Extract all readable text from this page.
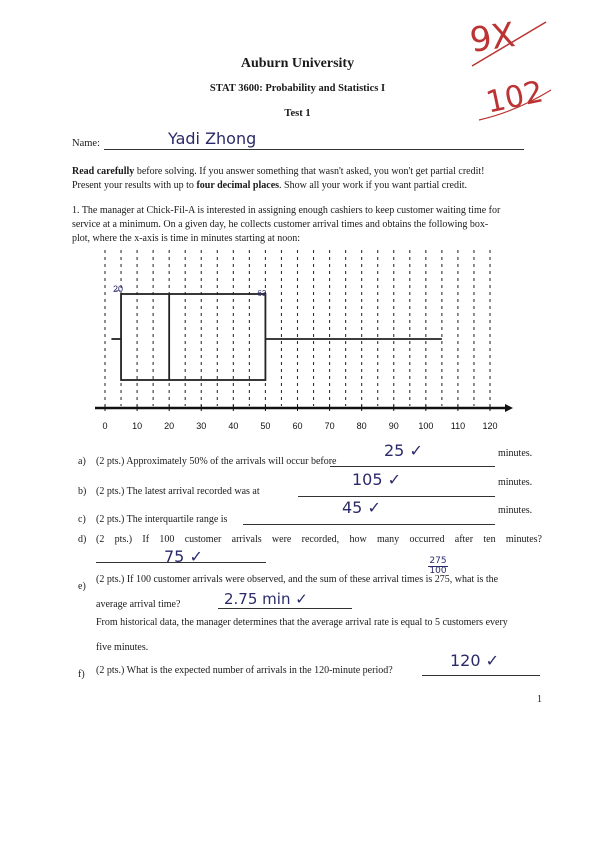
Auburn University
STAT 3600: Probability and Statistics I
Test 1
9X
102
Name:	Yadi Zhong
Read carefully before solving. If you answer something that wasn't asked, you won't get partial credit!
Present your results with up to four decimal places. Show all your work if you want partial credit.
1. The manager at Chick-Fil-A is interested in assigning enough cashiers to keep customer waiting time for
service at a minimum. On a given day, he collects customer arrival times and obtains the following box-
plot, where the x-axis is time in minutes starting at noon:
0	10 20 30 40 50 60 70 80 90 100 110 120
2̶0	63
a) (2 pts.) Approximately 50% of the arrivals will occur before
25 ✓	minutes.
b) (2 pts.) The latest arrival recorded was at
105 ✓	minutes.
c) (2 pts.) The interquartile range is
45 ✓	minutes.
d) (2 pts.) If 100 customer arrivals were recorded, how many occurred after ten minutes?
75 ✓	275
100
e)
(2 pts.) If 100 customer arrivals were observed, and the sum of these arrival times is 275, what is the
average arrival time?	2.75 min ✓
From historical data, the manager determines that the average arrival rate is equal to 5 customers every
five minutes.
f) (2 pts.) What is the expected number of arrivals in the 120-minute period?
120 ✓
1
